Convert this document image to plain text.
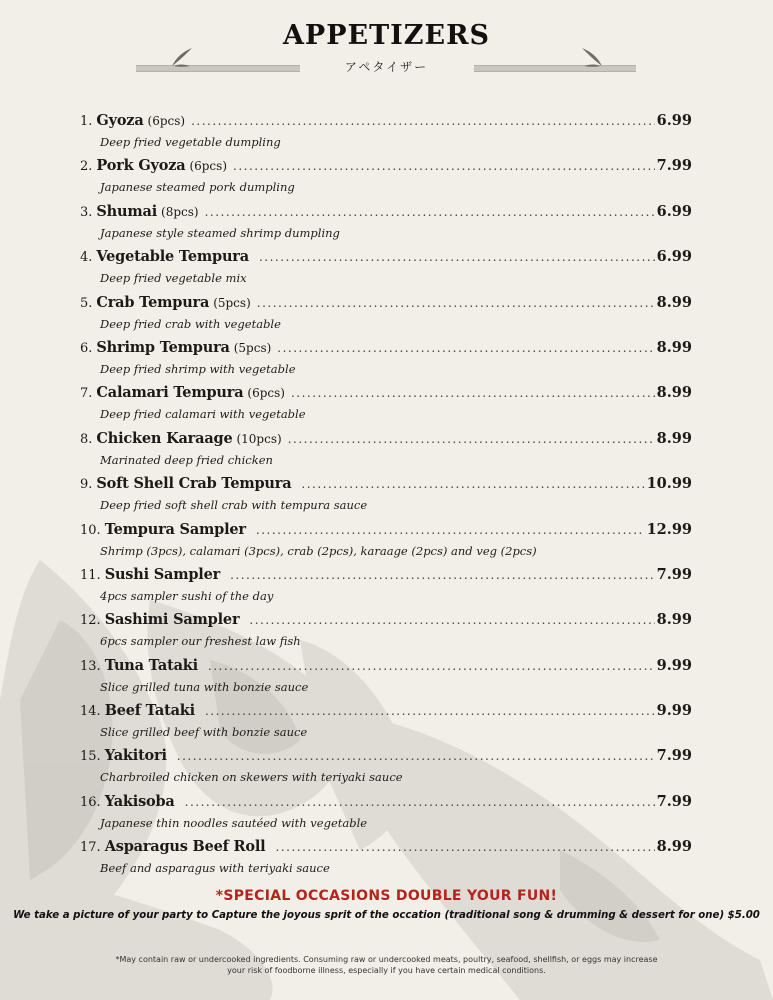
APPETIZERS
アペタイザー
1. Gyoza (6pcs) .....	6.99
Deep fried vegetable dumpling
2. Pork Gyoza (6pcs) .....	7.99
Japanese steamed pork dumpling
3. Shumai (8pcs) .....	6.99
Japanese style steamed shrimp dumpling
4. Vegetable Tempura .....	6.99
Deep fried vegetable mix
5. Crab Tempura (5pcs) .....	8.99
Deep fried crab with vegetable
6. Shrimp Tempura (5pcs) .....	8.99
Deep fried shrimp with vegetable
7. Calamari Tempura (6pcs) .....	8.99
Deep fried calamari with vegetable
8. Chicken Karaage (10pcs) .....	8.99
Marinated deep fried chicken
9. Soft Shell Crab Tempura .....	10.99
Deep fried soft shell crab with tempura sauce
10. Tempura Sampler .....	12.99
Shrimp (3pcs), calamari (3pcs), crab (2pcs), karaage (2pcs) and veg (2pcs)
11. Sushi Sampler .....	7.99
4pcs sampler sushi of the day
12. Sashimi Sampler .....	8.99
6pcs sampler our freshest law fish
13. Tuna Tataki .....	9.99
Slice grilled tuna with bonzie sauce
14. Beef Tataki .....	9.99
Slice grilled beef with bonzie sauce
15. Yakitori .....	7.99
Charbroiled chicken on skewers with teriyaki sauce
16. Yakisoba .....	7.99
Japanese thin noodles sautéed with vegetable
17. Asparagus Beef Roll .....	8.99
Beef and asparagus with teriyaki sauce
*SPECIAL OCCASIONS DOUBLE YOUR FUN!
We take a picture of your party to Capture the joyous sprit of the occation (traditional song & drumming & dessert for one) $5.00
*May contain raw or undercooked ingredients. Consuming raw or undercooked meats, poultry, seafood, shellfish, or eggs may increase
your risk of foodborne illness, especially if you have certain medical conditions.
